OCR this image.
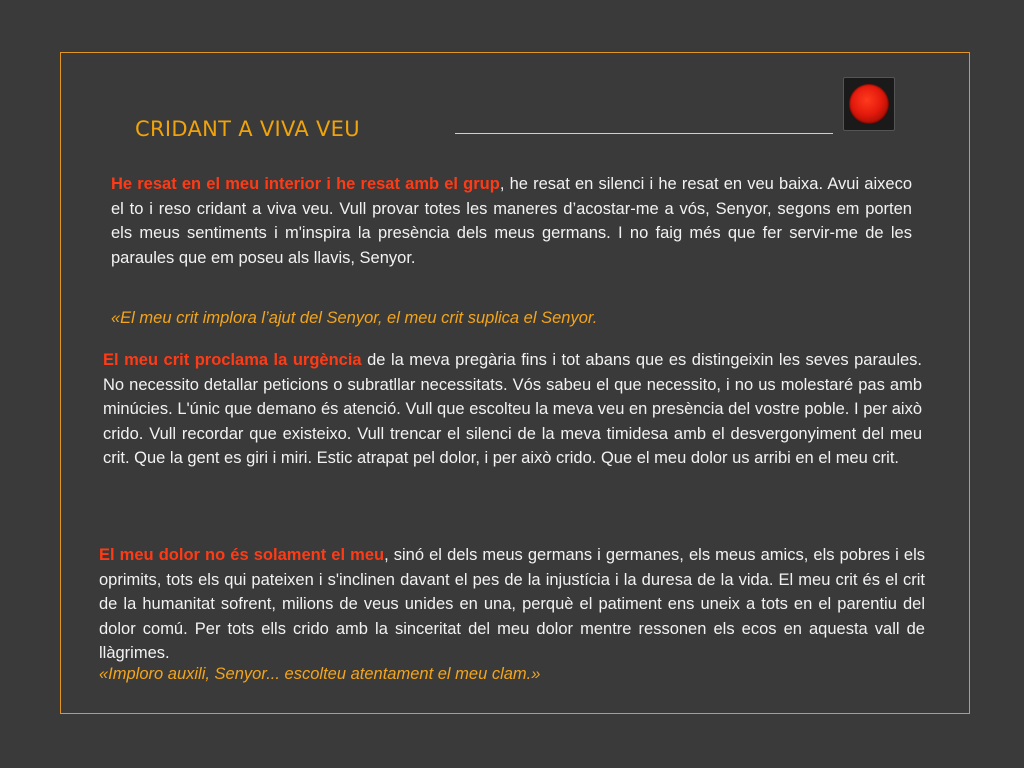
CRIDANT A VIVA VEU
He resat en el meu interior i he resat amb el grup, he resat en silenci i he resat en veu baixa. Avui aixeco el to i reso cridant a viva veu. Vull provar totes les maneres d’acostar-me a vós, Senyor, segons em porten els meus sentiments i m'inspira la presència dels meus germans. I no faig més que fer servir-me de les paraules que em poseu als llavis, Senyor.
«El meu crit implora l’ajut del Senyor, el meu crit suplica el Senyor.
El meu crit proclama la urgència de la meva pregària fins i tot abans que es distingeixin les seves paraules. No necessito detallar peticions o subratllar necessitats. Vós sabeu el que necessito, i no us molestaré pas amb minúcies. L'únic que demano és atenció. Vull que escolteu la meva veu en presència del vostre poble. I per això crido. Vull recordar que existeixo. Vull trencar el silenci de la meva timidesa amb el desvergonyiment del meu crit. Que la gent es giri i miri. Estic atrapat pel dolor, i per això crido. Que el meu dolor us arribi en el meu crit.
El meu dolor no és solament el meu, sinó el dels meus germans i germanes, els meus amics, els pobres i els oprimits, tots els qui pateixen i s'inclinen davant el pes de la injustícia i la duresa de la vida. El meu crit és el crit de la humanitat sofrent, milions de veus unides en una, perquè el patiment ens uneix a tots en el parentiu del dolor comú. Per tots ells crido amb la sinceritat del meu dolor mentre ressonen els ecos en aquesta vall de llàgrimes.
«Imploro auxili, Senyor... escolteu atentament el meu clam.»
